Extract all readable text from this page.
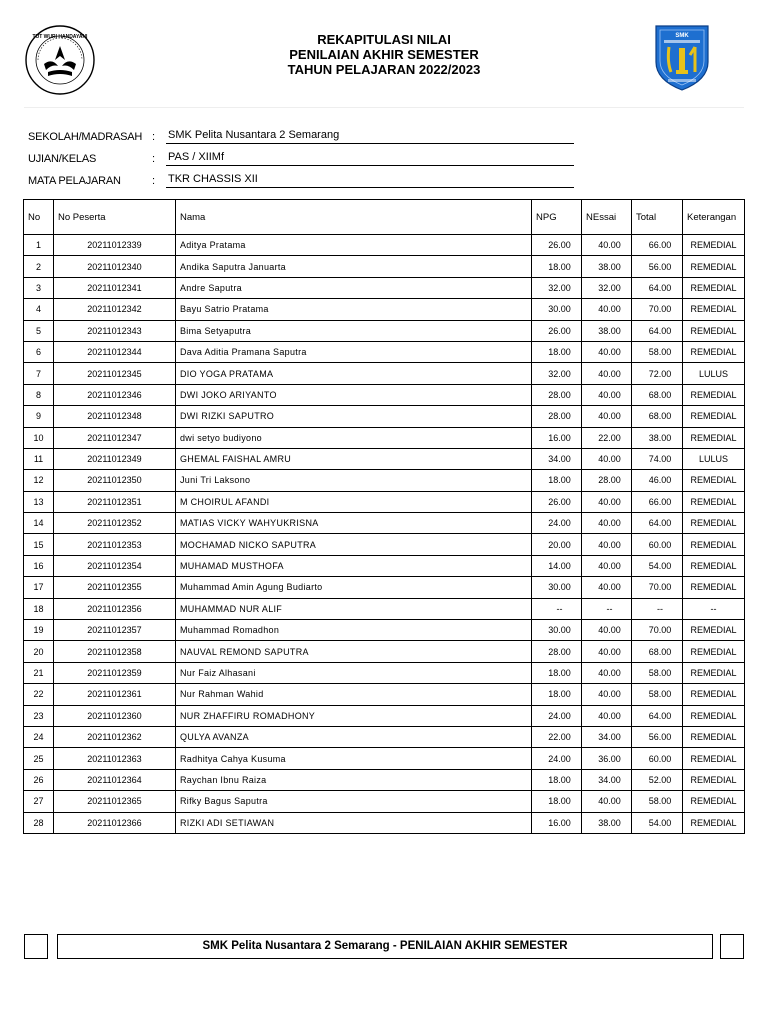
TUT WURI HANDAYANI	SMK
REKAPITULASI NILAI
PENILAIAN AKHIR SEMESTER
TAHUN PELAJARAN 2022/2023
SEKOLAH/MADRASAH : SMK Pelita Nusantara 2 Semarang
UJIAN/KELAS	: PAS / XIIMf
MATA PELAJARAN	: TKR CHASSIS XII
No	No Peserta	Nama	NPG	NEssai	Total	Keterangan
1	20211012339	Aditya Pratama	26.00	40.00	66.00	REMEDIAL
2	20211012340	Andika Saputra Januarta	18.00	38.00	56.00	REMEDIAL
3	20211012341	Andre Saputra	32.00	32.00	64.00	REMEDIAL
4	20211012342	Bayu Satrio Pratama	30.00	40.00	70.00	REMEDIAL
5	20211012343	Bima Setyaputra	26.00	38.00	64.00	REMEDIAL
6	20211012344	Dava Aditia Pramana Saputra	18.00	40.00	58.00	REMEDIAL
7	20211012345	DIO YOGA PRATAMA	32.00	40.00	72.00	LULUS
8	20211012346	DWI JOKO ARIYANTO	28.00	40.00	68.00	REMEDIAL
9	20211012348	DWI RIZKI SAPUTRO	28.00	40.00	68.00	REMEDIAL
10	20211012347	dwi setyo budiyono	16.00	22.00	38.00	REMEDIAL
11	20211012349	GHEMAL FAISHAL AMRU	34.00	40.00	74.00	LULUS
12	20211012350	Juni Tri Laksono	18.00	28.00	46.00	REMEDIAL
13	20211012351	M CHOIRUL AFANDI	26.00	40.00	66.00	REMEDIAL
14	20211012352	MATIAS VICKY WAHYUKRISNA	24.00	40.00	64.00	REMEDIAL
15	20211012353	MOCHAMAD NICKO SAPUTRA	20.00	40.00	60.00	REMEDIAL
16	20211012354	MUHAMAD MUSTHOFA	14.00	40.00	54.00	REMEDIAL
17	20211012355	Muhammad Amin Agung Budiarto	30.00	40.00	70.00	REMEDIAL
18	20211012356	MUHAMMAD NUR ALIF	--	--	--	--
19	20211012357	Muhammad Romadhon	30.00	40.00	70.00	REMEDIAL
20	20211012358	NAUVAL REMOND SAPUTRA	28.00	40.00	68.00	REMEDIAL
21	20211012359	Nur Faiz Alhasani	18.00	40.00	58.00	REMEDIAL
22	20211012361	Nur Rahman Wahid	18.00	40.00	58.00	REMEDIAL
23	20211012360	NUR ZHAFFIRU ROMADHONY	24.00	40.00	64.00	REMEDIAL
24	20211012362	QULYA AVANZA	22.00	34.00	56.00	REMEDIAL
25	20211012363	Radhitya Cahya Kusuma	24.00	36.00	60.00	REMEDIAL
26	20211012364	Raychan Ibnu Raiza	18.00	34.00	52.00	REMEDIAL
27	20211012365	Rifky Bagus Saputra	18.00	40.00	58.00	REMEDIAL
28	20211012366	RIZKI ADI SETIAWAN	16.00	38.00	54.00	REMEDIAL
SMK Pelita Nusantara 2 Semarang - PENILAIAN AKHIR SEMESTER
